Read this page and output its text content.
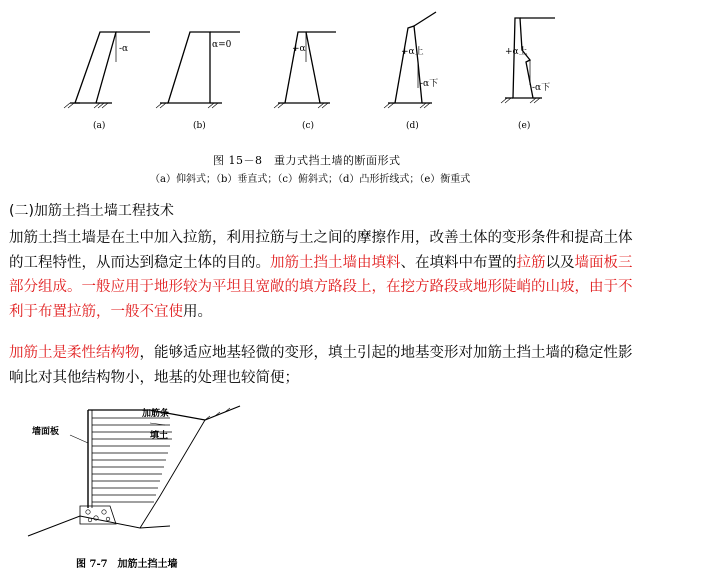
(a)	(b)	(c)	(d)	(e)
-α	α=0	+α	+α上
-α下
+α上
-α下
图 15－8　重力式挡土墙的断面形式
（a）仰斜式；（b）垂直式；（c）俯斜式；（d）凸形折线式；（e）衡重式
(二)加筋土挡土墙工程技术
加筋土挡土墙是在土中加入拉筋，利用拉筋与土之间的摩擦作用，改善土体的变形条件和提高土体
的工程特性，从而达到稳定土体的目的。加筋土挡土墙由填料、在填料中布置的拉筋以及墙面板三
部分组成。一般应用于地形较为平坦且宽敞的填方路段上，在挖方路段或地形陡峭的山坡，由于不
利于布置拉筋，一般不宜使用。
加筋土是柔性结构物，能够适应地基轻微的变形，填土引起的地基变形对加筋土挡土墙的稳定性影
响比对其他结构物小，地基的处理也较简便；
墙面板
加筋条
填土
图 7-7　加筋土挡土墙
